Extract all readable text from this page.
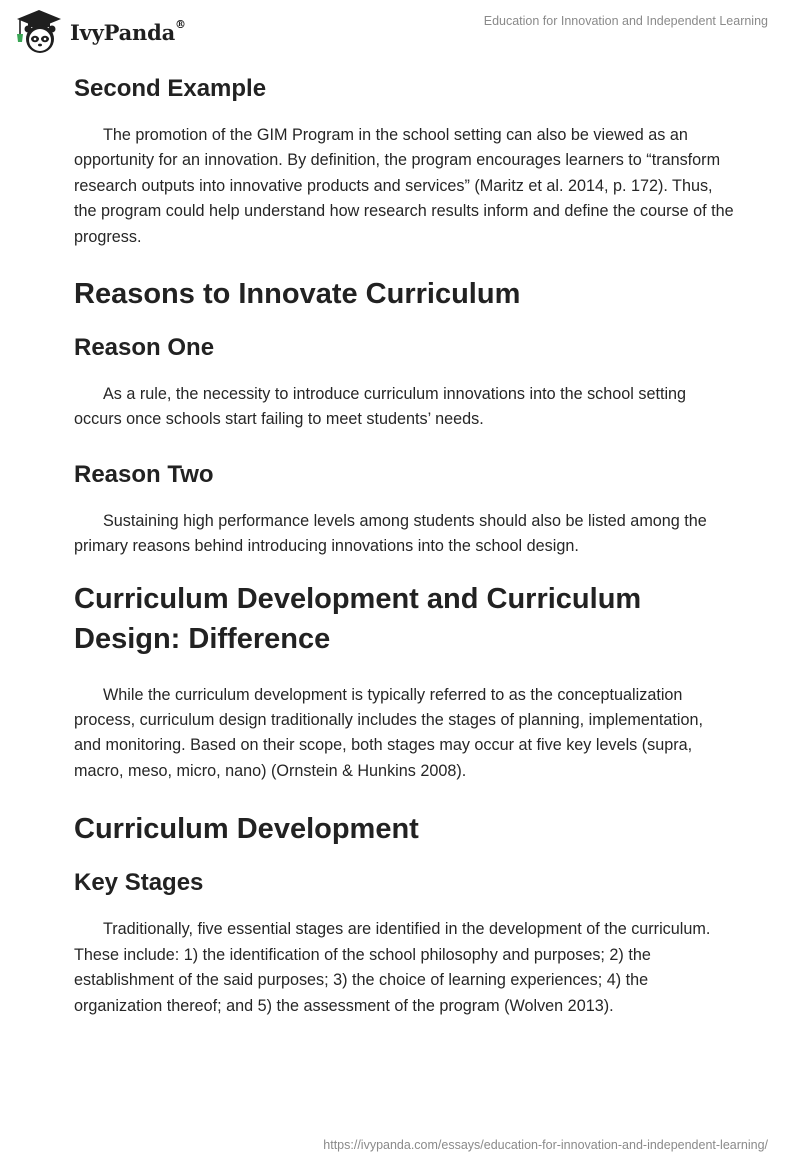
IvyPanda®	Education for Innovation and Independent Learning
Second Example

The promotion of the GIM Program in the school setting can also be viewed as an opportunity for an innovation. By definition, the program encourages learners to “transform research outputs into innovative products and services” (Maritz et al. 2014, p. 172). Thus, the program could help understand how research results inform and define the course of the progress.

Reasons to Innovate Curriculum
Reason One

As a rule, the necessity to introduce curriculum innovations into the school setting occurs once schools start failing to meet students’ needs.

Reason Two

Sustaining high performance levels among students should also be listed among the primary reasons behind introducing innovations into the school design.

Curriculum Development and Curriculum Design: Difference

While the curriculum development is typically referred to as the conceptualization process, curriculum design traditionally includes the stages of planning, implementation, and monitoring. Based on their scope, both stages may occur at five key levels (supra, macro, meso, micro, nano) (Ornstein & Hunkins 2008).

Curriculum Development
Key Stages

Traditionally, five essential stages are identified in the development of the curriculum. These include: 1) the identification of the school philosophy and purposes; 2) the establishment of the said purposes; 3) the choice of learning experiences; 4) the organization thereof; and 5) the assessment of the program (Wolven 2013).

https://ivypanda.com/essays/education-for-innovation-and-independent-learning/
